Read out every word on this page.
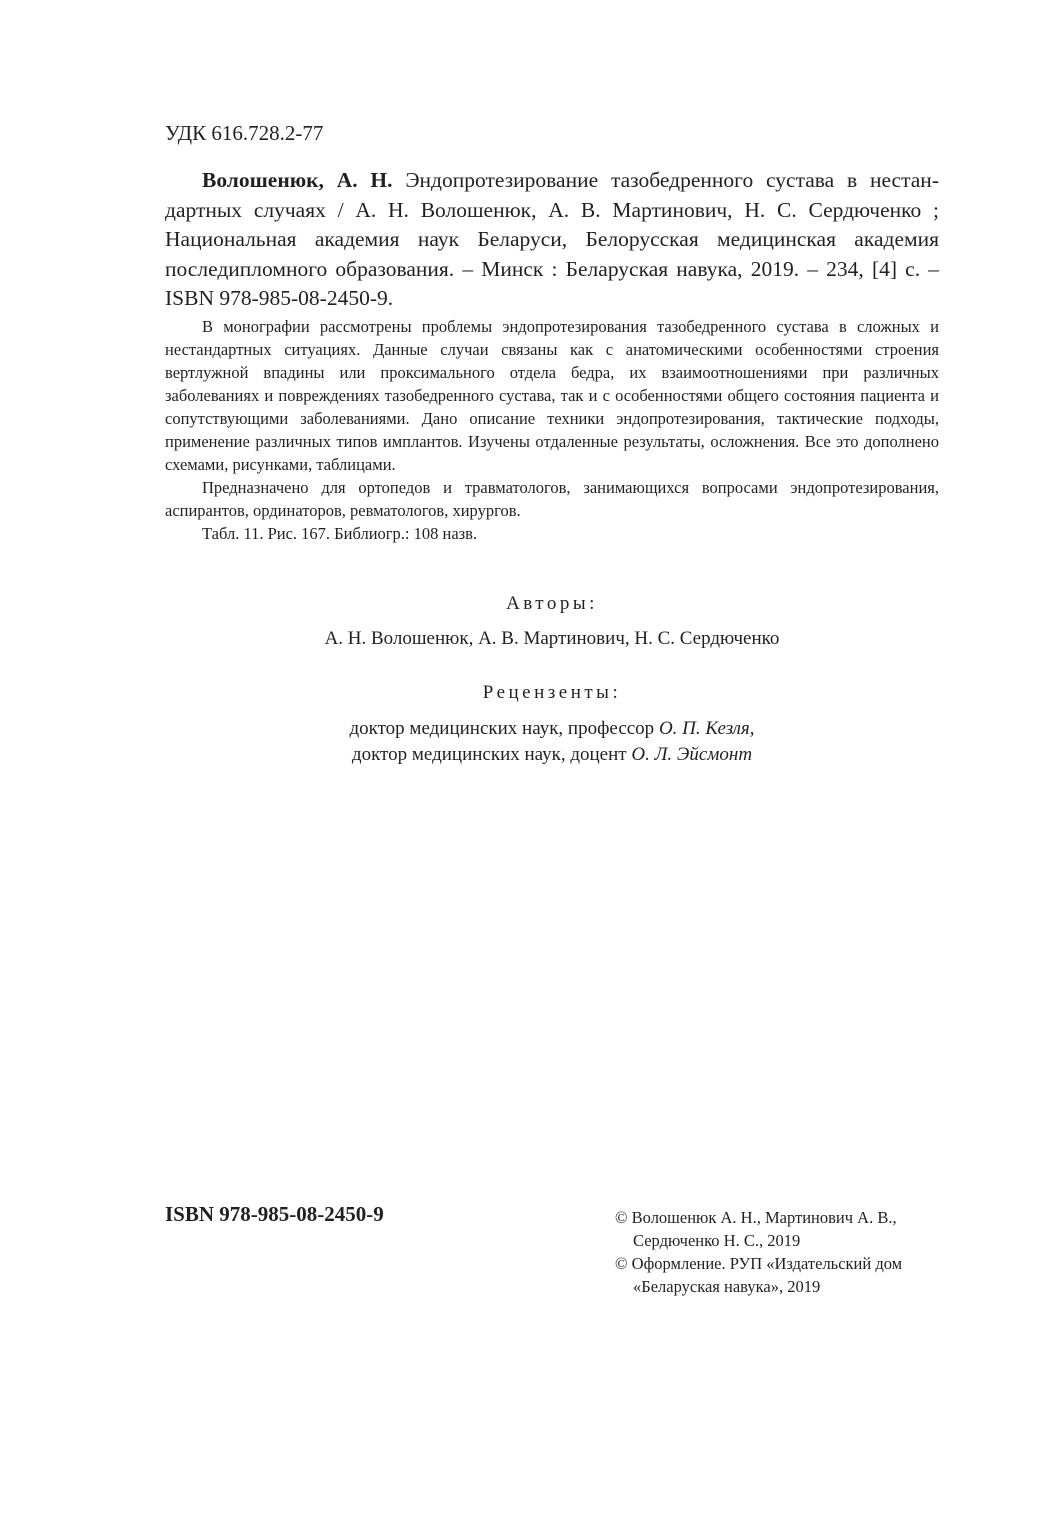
УДК 616.728.2-77
Волошенюк, А. Н. Эндопротезирование тазобедренного сустава в нестандартных случаях / А. Н. Волошенюк, А. В. Мартинович, Н. С. Сердюченко ; Национальная академия наук Беларуси, Белорусская медицинская академия последипломного образования. – Минск : Беларуская навука, 2019. – 234, [4] с. – ISBN 978-985-08-2450-9.

В монографии рассмотрены проблемы эндопротезирования тазобедренного сустава в сложных и нестандартных ситуациях. Данные случаи связаны как с анатомическими особенностями строения вертлужной впадины или проксимального отдела бедра, их взаимоотношениями при различных заболеваниях и повреждениях тазобедренного сустава, так и с особенностями общего состояния пациента и сопутствующими заболеваниями. Дано описание техники эндопротезирования, тактические подходы, применение различных типов имплантов. Изучены отдаленные результаты, осложнения. Все это дополнено схемами, рисунками, таблицами.

Предназначено для ортопедов и травматологов, занимающихся вопросами эндопротезирования, аспирантов, ординаторов, ревматологов, хирургов.

Табл. 11. Рис. 167. Библиогр.: 108 назв.

Авторы:
А. Н. Волошенюк, А. В. Мартинович, Н. С. Сердюченко
Рецензенты:
доктор медицинских наук, профессор О. П. Кезля,
доктор медицинских наук, доцент О. Л. Эйсмонт
ISBN 978-985-08-2450-9	© Волошенюк А. Н., Мартинович А. В., Сердюченко Н. С., 2019
© Оформление. РУП «Издательский дом «Беларуская навука», 2019
